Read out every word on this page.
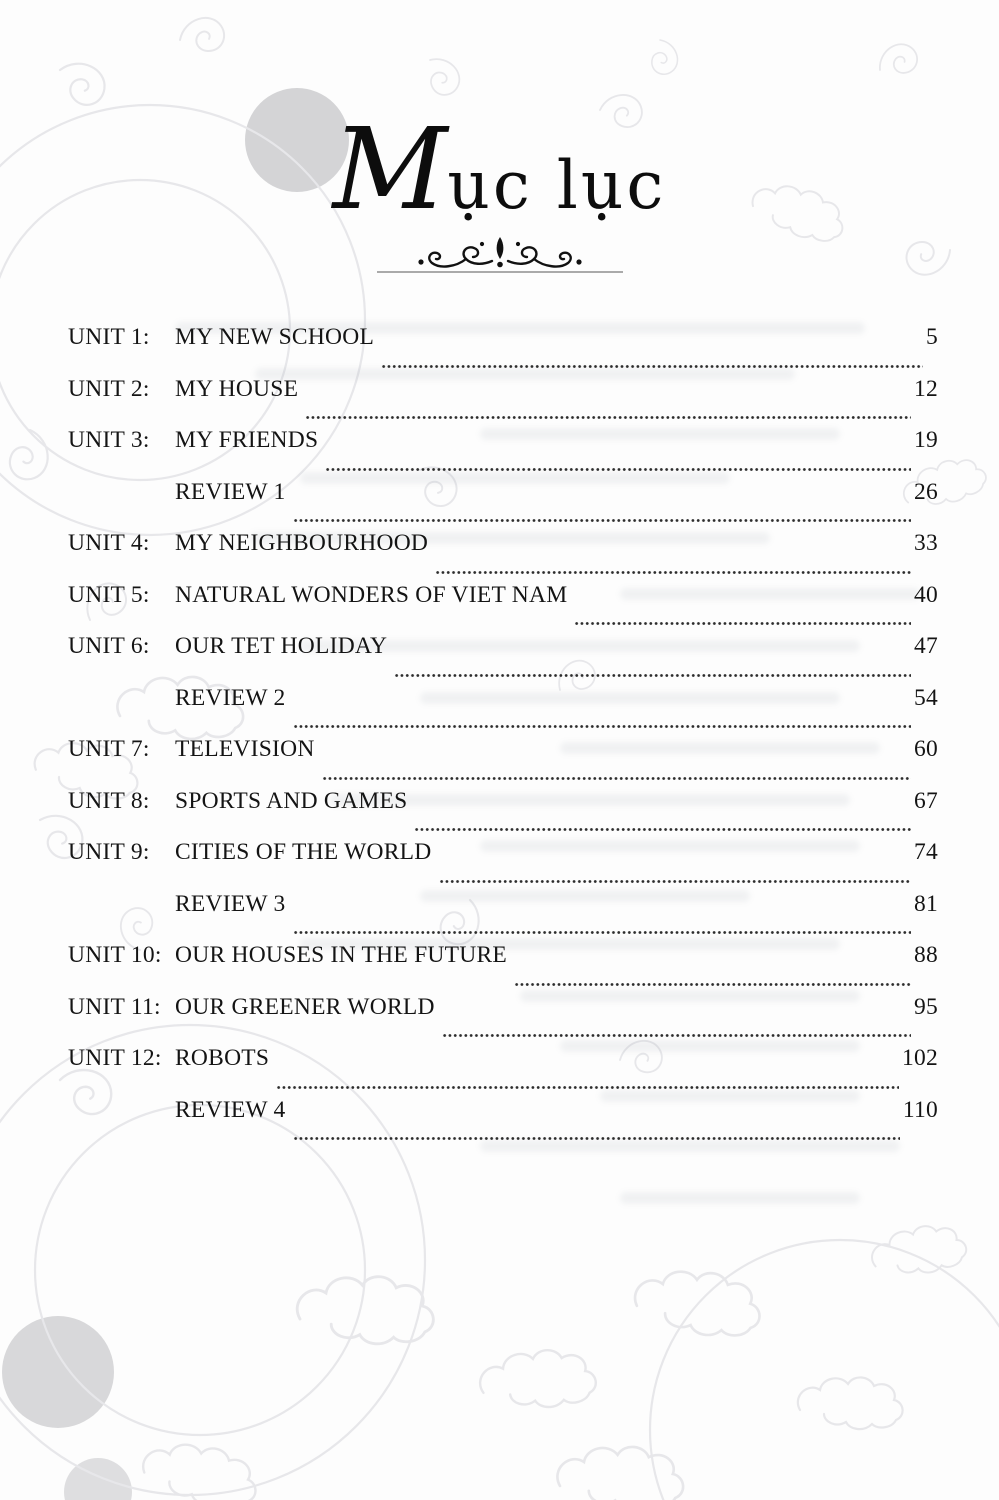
Mục lục
UNIT 1:	MY NEW SCHOOL	5
UNIT 2:	MY HOUSE	12
UNIT 3:	MY FRIENDS	19
REVIEW 1	26
UNIT 4:	MY NEIGHBOURHOOD	33
UNIT 5:	NATURAL WONDERS OF VIET NAM	40
UNIT 6:	OUR TET HOLIDAY	47
REVIEW 2	54
UNIT 7:	TELEVISION	60
UNIT 8:	SPORTS AND GAMES	67
UNIT 9:	CITIES OF THE WORLD	74
REVIEW 3	81
UNIT 10: OUR HOUSES IN THE FUTURE	88
UNIT 11: OUR GREENER WORLD	95
UNIT 12: ROBOTS	102
REVIEW 4	110
